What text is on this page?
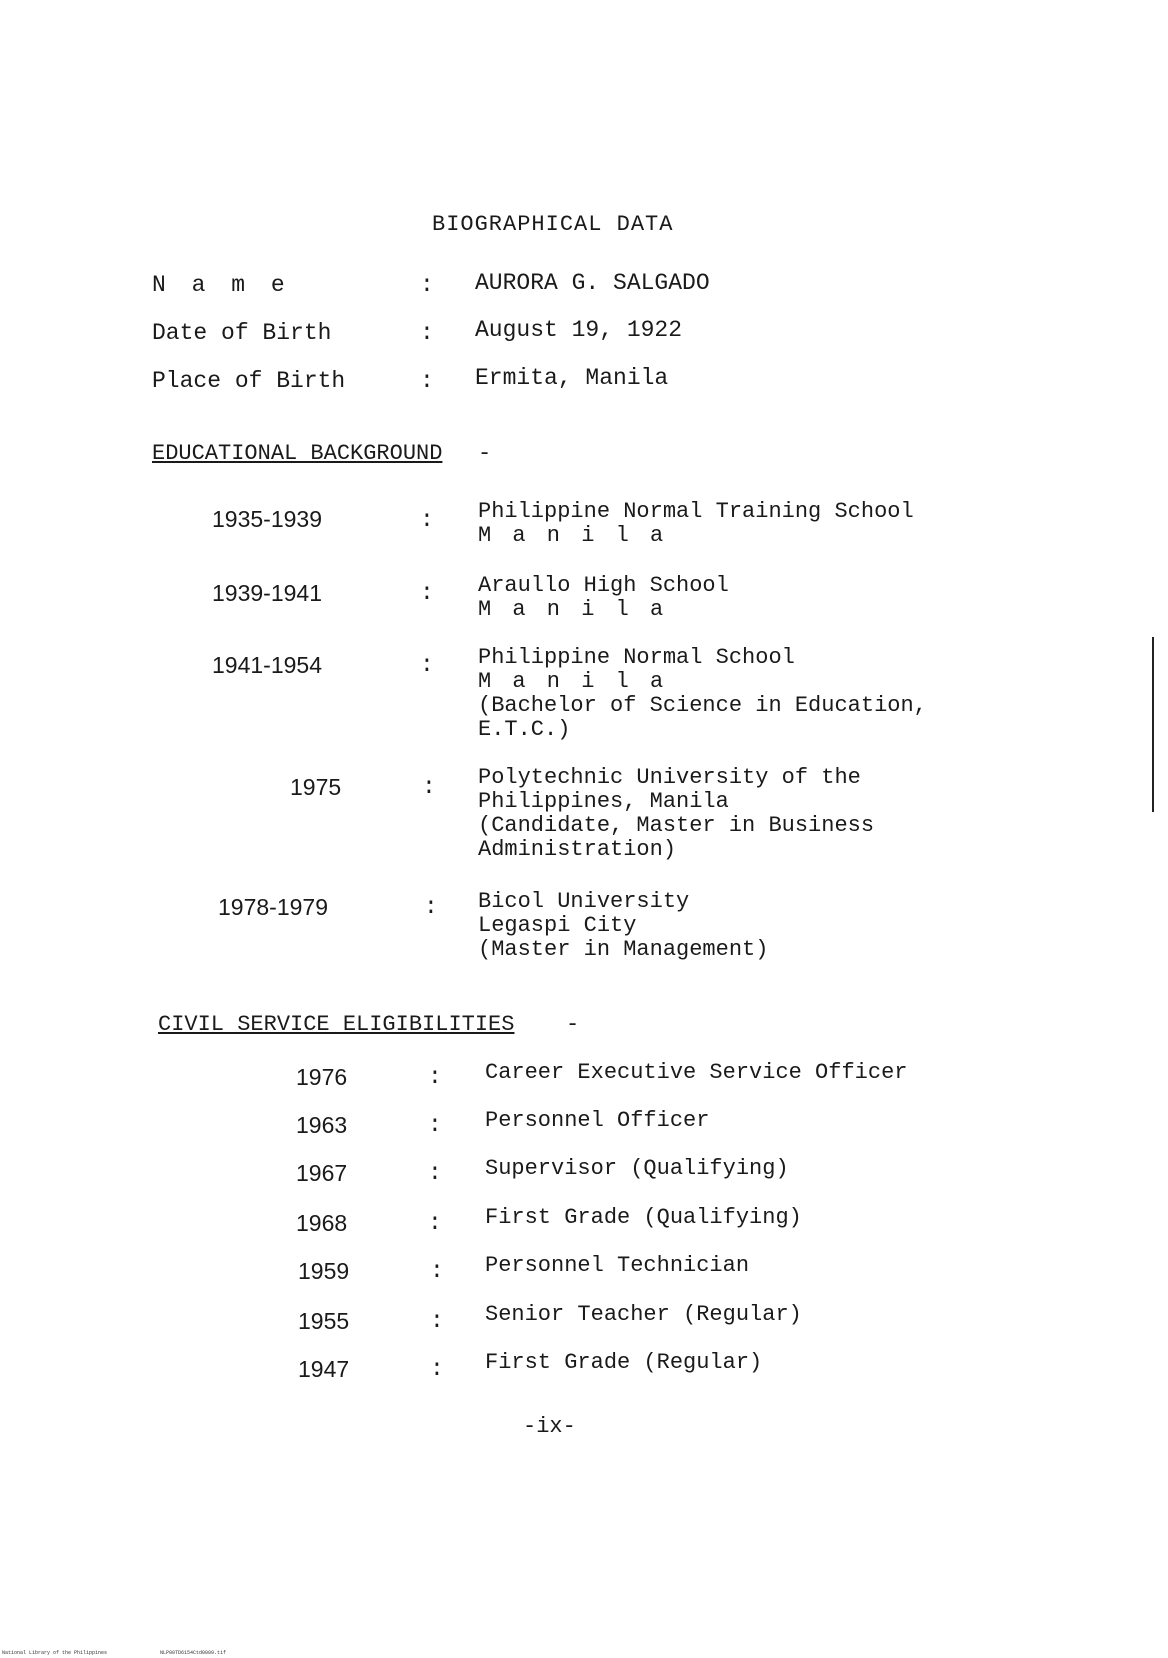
BIOGRAPHICAL DATA
N a m e	: AURORA G. SALGADO
Date of Birth	: August 19, 1922
Place of Birth	: Ermita, Manila
EDUCATIONAL BACKGROUND -
1935-1939	: Philippine Normal Training School
M a n i l a
1939-1941	: Araullo High School
M a n i l a
1941-1954	: Philippine Normal School
M a n i l a
(Bachelor of Science in Education,
E.T.C.)
1975	: Polytechnic University of the
Philippines, Manila
(Candidate, Master in Business
Administration)
1978-1979	: Bicol University
Legaspi City
(Master in Management)
CIVIL SERVICE ELIGIBILITIES -
1976	: Career Executive Service Officer
1963	: Personnel Officer
1967	: Supervisor (Qualifying)
1968	: First Grade (Qualifying)
1959	: Personnel Technician
1955	: Senior Teacher (Regular)
1947	: First Grade (Regular)
-ix-
National Library of the Philippines	NLP00TD6154Ctd0009.tif
